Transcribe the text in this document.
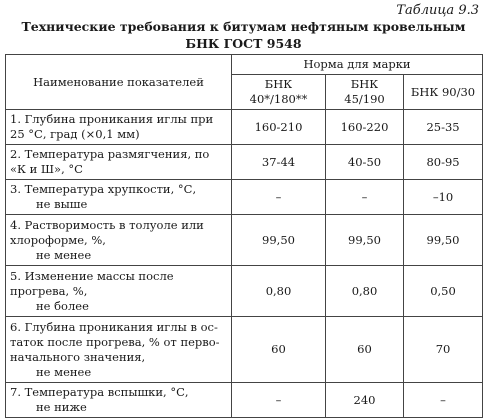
Таблица 9.3
Технические требования к битумам нефтяным кровельным
БНК ГОСТ 9548
Наименование показателей	Норма для марки		
	БНК 40*/180**	БНК 45/190	БНК 90/30

1. Глубина проникания иглы при
25 °С, град (×0,1 мм)	160-210	160-220	25-35

2. Температура размягчения, по
«К и Ш», °С	37-44	40-50	80-95

3. Температура хрупкости, °С,
не выше	–	–	–10

4. Растворимость в толуоле или
хлороформе, %,
не менее	99,50	99,50	99,50

5. Изменение массы после
прогрева, %,
не более	0,80	0,80	0,50

6. Глубина проникания иглы в ос-
таток после прогрева, % от перво-
начального значения,
не менее	60	60	70

7. Температура вспышки, °С,
не ниже	–	240	–
